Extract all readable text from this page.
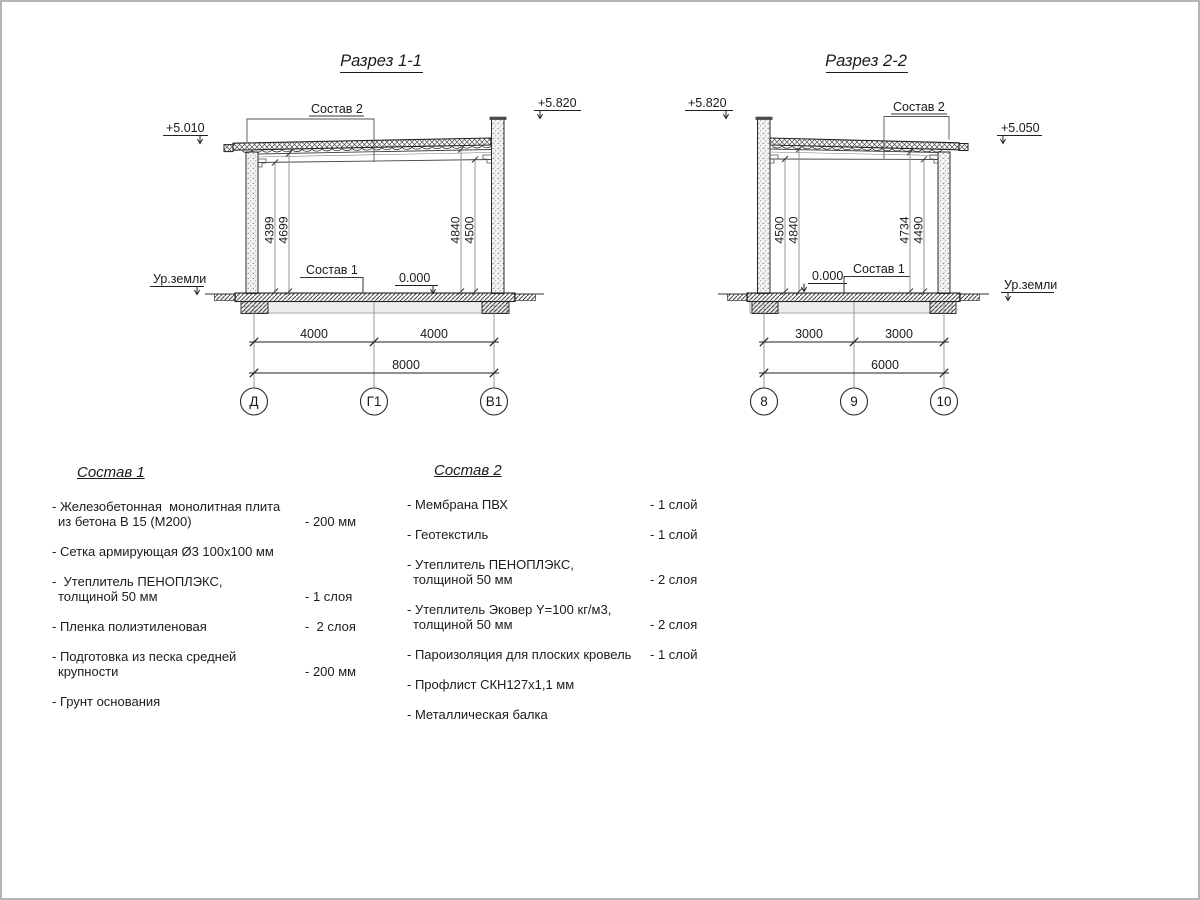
Разрез 1-1
Состав 2
+5.010
+5.820
Ур.земли
Состав 1
0.000
4399 4699	4840 4500
4000	4000
8000
Д	Г1	В1
Разрез 2-2
Состав 2
+5.820
+5.050
0.000 Состав 1
Ур.земли
4500 4840	4734 4490
3000	3000
6000
8	9	10
Состав 1
- Железобетонная  монолитная плита
из бетона В 15 (М200)	- 200 мм
- Сетка армирующая Ø3 100x100 мм
-  Утеплитель ПЕНОПЛЭКС,
толщиной 50 мм	- 1 слоя
- Пленка полиэтиленовая	-  2 слоя
- Подготовка из песка средней
крупности	- 200 мм
- Грунт основания
Состав 2
- Мембрана ПВХ	- 1 слой
- Геотекстиль	- 1 слой
- Утеплитель ПЕНОПЛЭКС,
толщиной 50 мм	- 2 слоя
- Утеплитель Эковер Y=100 кг/м3,
толщиной 50 мм	- 2 слоя
- Пароизоляция для плоских кровель	- 1 слой
- Профлист СКН127х1,1 мм
- Металлическая балка
